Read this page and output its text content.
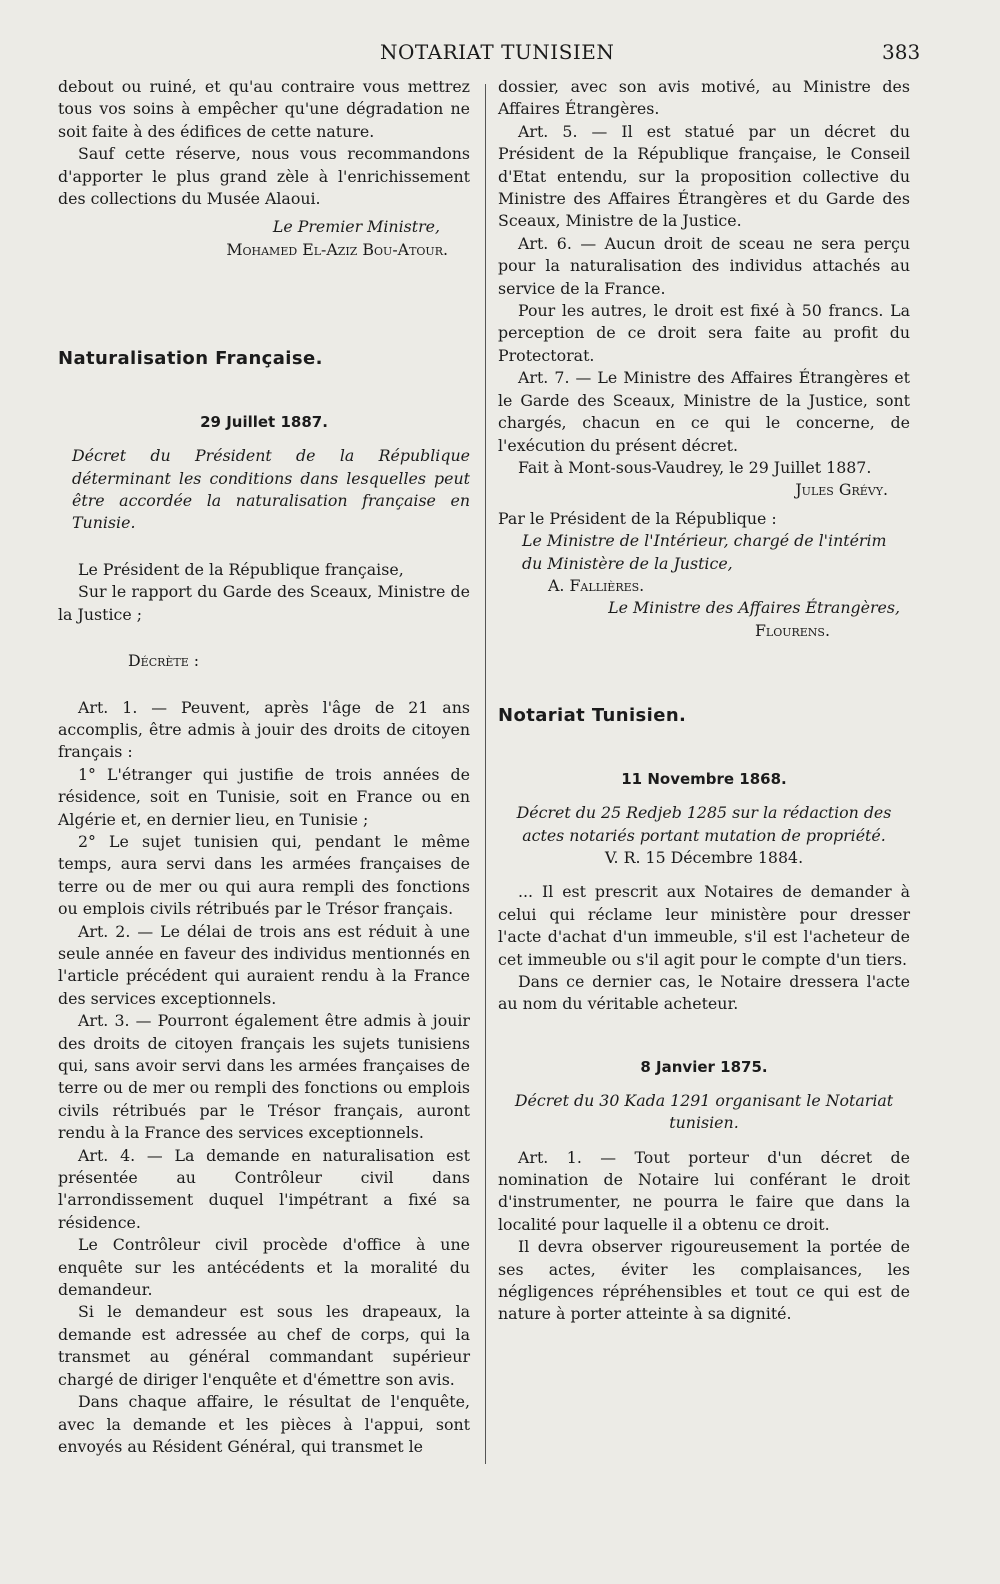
NOTARIAT TUNISIEN	383

debout ou ruiné, et qu'au contraire vous mettrez tous vos soins à empêcher qu'une dégradation ne soit faite à des édifices de cette nature.

Sauf cette réserve, nous vous recommandons d'apporter le plus grand zèle à l'enrichissement des collections du Musée Alaoui.

Le Premier Ministre,

Mohamed El-Aziz Bou-Atour.

Naturalisation Française.
29 Juillet 1887.

Décret du Président de la République déterminant les conditions dans lesquelles peut être accordée la naturalisation française en Tunisie.

Le Président de la République française,

Sur le rapport du Garde des Sceaux, Ministre de la Justice ;

Décrète :

Art. 1. — Peuvent, après l'âge de 21 ans accomplis, être admis à jouir des droits de citoyen français :

1° L'étranger qui justifie de trois années de résidence, soit en Tunisie, soit en France ou en Algérie et, en dernier lieu, en Tunisie ;

2° Le sujet tunisien qui, pendant le même temps, aura servi dans les armées françaises de terre ou de mer ou qui aura rempli des fonctions ou emplois civils rétribués par le Trésor français.

Art. 2. — Le délai de trois ans est réduit à une seule année en faveur des individus mentionnés en l'article précédent qui auraient rendu à la France des services exceptionnels.

Art. 3. — Pourront également être admis à jouir des droits de citoyen français les sujets tunisiens qui, sans avoir servi dans les armées françaises de terre ou de mer ou rempli des fonctions ou emplois civils rétribués par le Trésor français, auront rendu à la France des services exceptionnels.

Art. 4. — La demande en naturalisation est présentée au Contrôleur civil dans l'arrondissement duquel l'impétrant a fixé sa résidence.

Le Contrôleur civil procède d'office à une enquête sur les antécédents et la moralité du demandeur.

Si le demandeur est sous les drapeaux, la demande est adressée au chef de corps, qui la transmet au général commandant supérieur chargé de diriger l'enquête et d'émettre son avis.

Dans chaque affaire, le résultat de l'enquête, avec la demande et les pièces à l'appui, sont envoyés au Résident Général, qui transmet le

dossier, avec son avis motivé, au Ministre des Affaires Étrangères.

Art. 5. — Il est statué par un décret du Président de la République française, le Conseil d'Etat entendu, sur la proposition collective du Ministre des Affaires Étrangères et du Garde des Sceaux, Ministre de la Justice.

Art. 6. — Aucun droit de sceau ne sera perçu pour la naturalisation des individus attachés au service de la France.

Pour les autres, le droit est fixé à 50 francs. La perception de ce droit sera faite au profit du Protectorat.

Art. 7. — Le Ministre des Affaires Étrangères et le Garde des Sceaux, Ministre de la Justice, sont chargés, chacun en ce qui le concerne, de l'exécution du présent décret.

Fait à Mont-sous-Vaudrey, le 29 Juillet 1887.

Jules Grévy.

Par le Président de la République :

Le Ministre de l'Intérieur, chargé de l'intérim du Ministère de la Justice,

A. Fallières.

Le Ministre des Affaires Étrangères,

Flourens.

Notariat Tunisien.
11 Novembre 1868.

Décret du 25 Redjeb 1285 sur la rédaction des actes notariés portant mutation de propriété.

V. R. 15 Décembre 1884.

... Il est prescrit aux Notaires de demander à celui qui réclame leur ministère pour dresser l'acte d'achat d'un immeuble, s'il est l'acheteur de cet immeuble ou s'il agit pour le compte d'un tiers.

Dans ce dernier cas, le Notaire dressera l'acte au nom du véritable acheteur.

8 Janvier 1875.

Décret du 30 Kada 1291 organisant le Notariat tunisien.

Art. 1. — Tout porteur d'un décret de nomination de Notaire lui conférant le droit d'instrumenter, ne pourra le faire que dans la localité pour laquelle il a obtenu ce droit.

Il devra observer rigoureusement la portée de ses actes, éviter les complaisances, les négligences répréhensibles et tout ce qui est de nature à porter atteinte à sa dignité.
